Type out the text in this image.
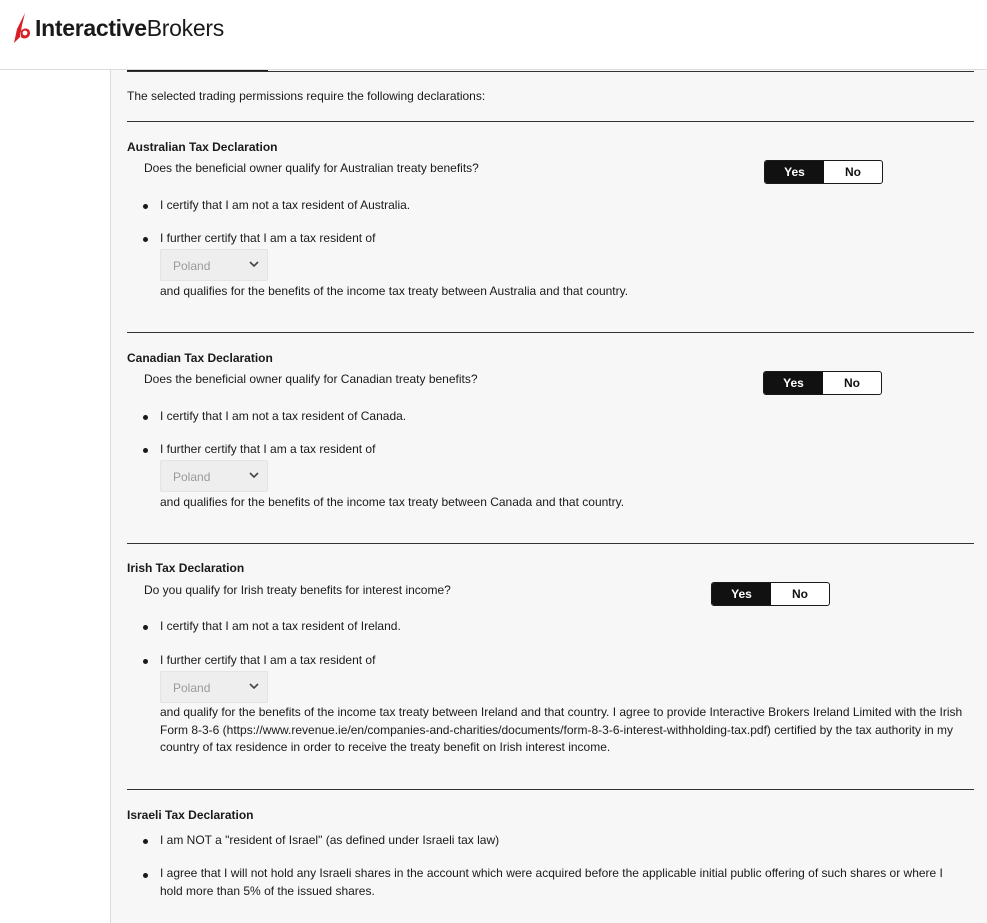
InteractiveBrokers
The selected trading permissions require the following declarations:
Australian Tax Declaration
Does the beneficial owner qualify for Australian treaty benefits?	Yes	No
I certify that I am not a tax resident of Australia.
I further certify that I am a tax resident of
Poland
and qualifies for the benefits of the income tax treaty between Australia and that country.
Canadian Tax Declaration
Does the beneficial owner qualify for Canadian treaty benefits?	Yes	No
I certify that I am not a tax resident of Canada.
I further certify that I am a tax resident of
Poland
and qualifies for the benefits of the income tax treaty between Canada and that country.
Irish Tax Declaration
Do you qualify for Irish treaty benefits for interest income?	Yes	No
I certify that I am not a tax resident of Ireland.
I further certify that I am a tax resident of
Poland
and qualify for the benefits of the income tax treaty between Ireland and that country. I agree to provide Interactive Brokers Ireland Limited with the Irish Form 8-3-6 (https://www.revenue.ie/en/companies-and-charities/documents/form-8-3-6-interest-withholding-tax.pdf) certified by the tax authority in my country of tax residence in order to receive the treaty benefit on Irish interest income.
Israeli Tax Declaration
I am NOT a "resident of Israel" (as defined under Israeli tax law)
I agree that I will not hold any Israeli shares in the account which were acquired before the applicable initial public offering of such shares or where I hold more than 5% of the issued shares.
